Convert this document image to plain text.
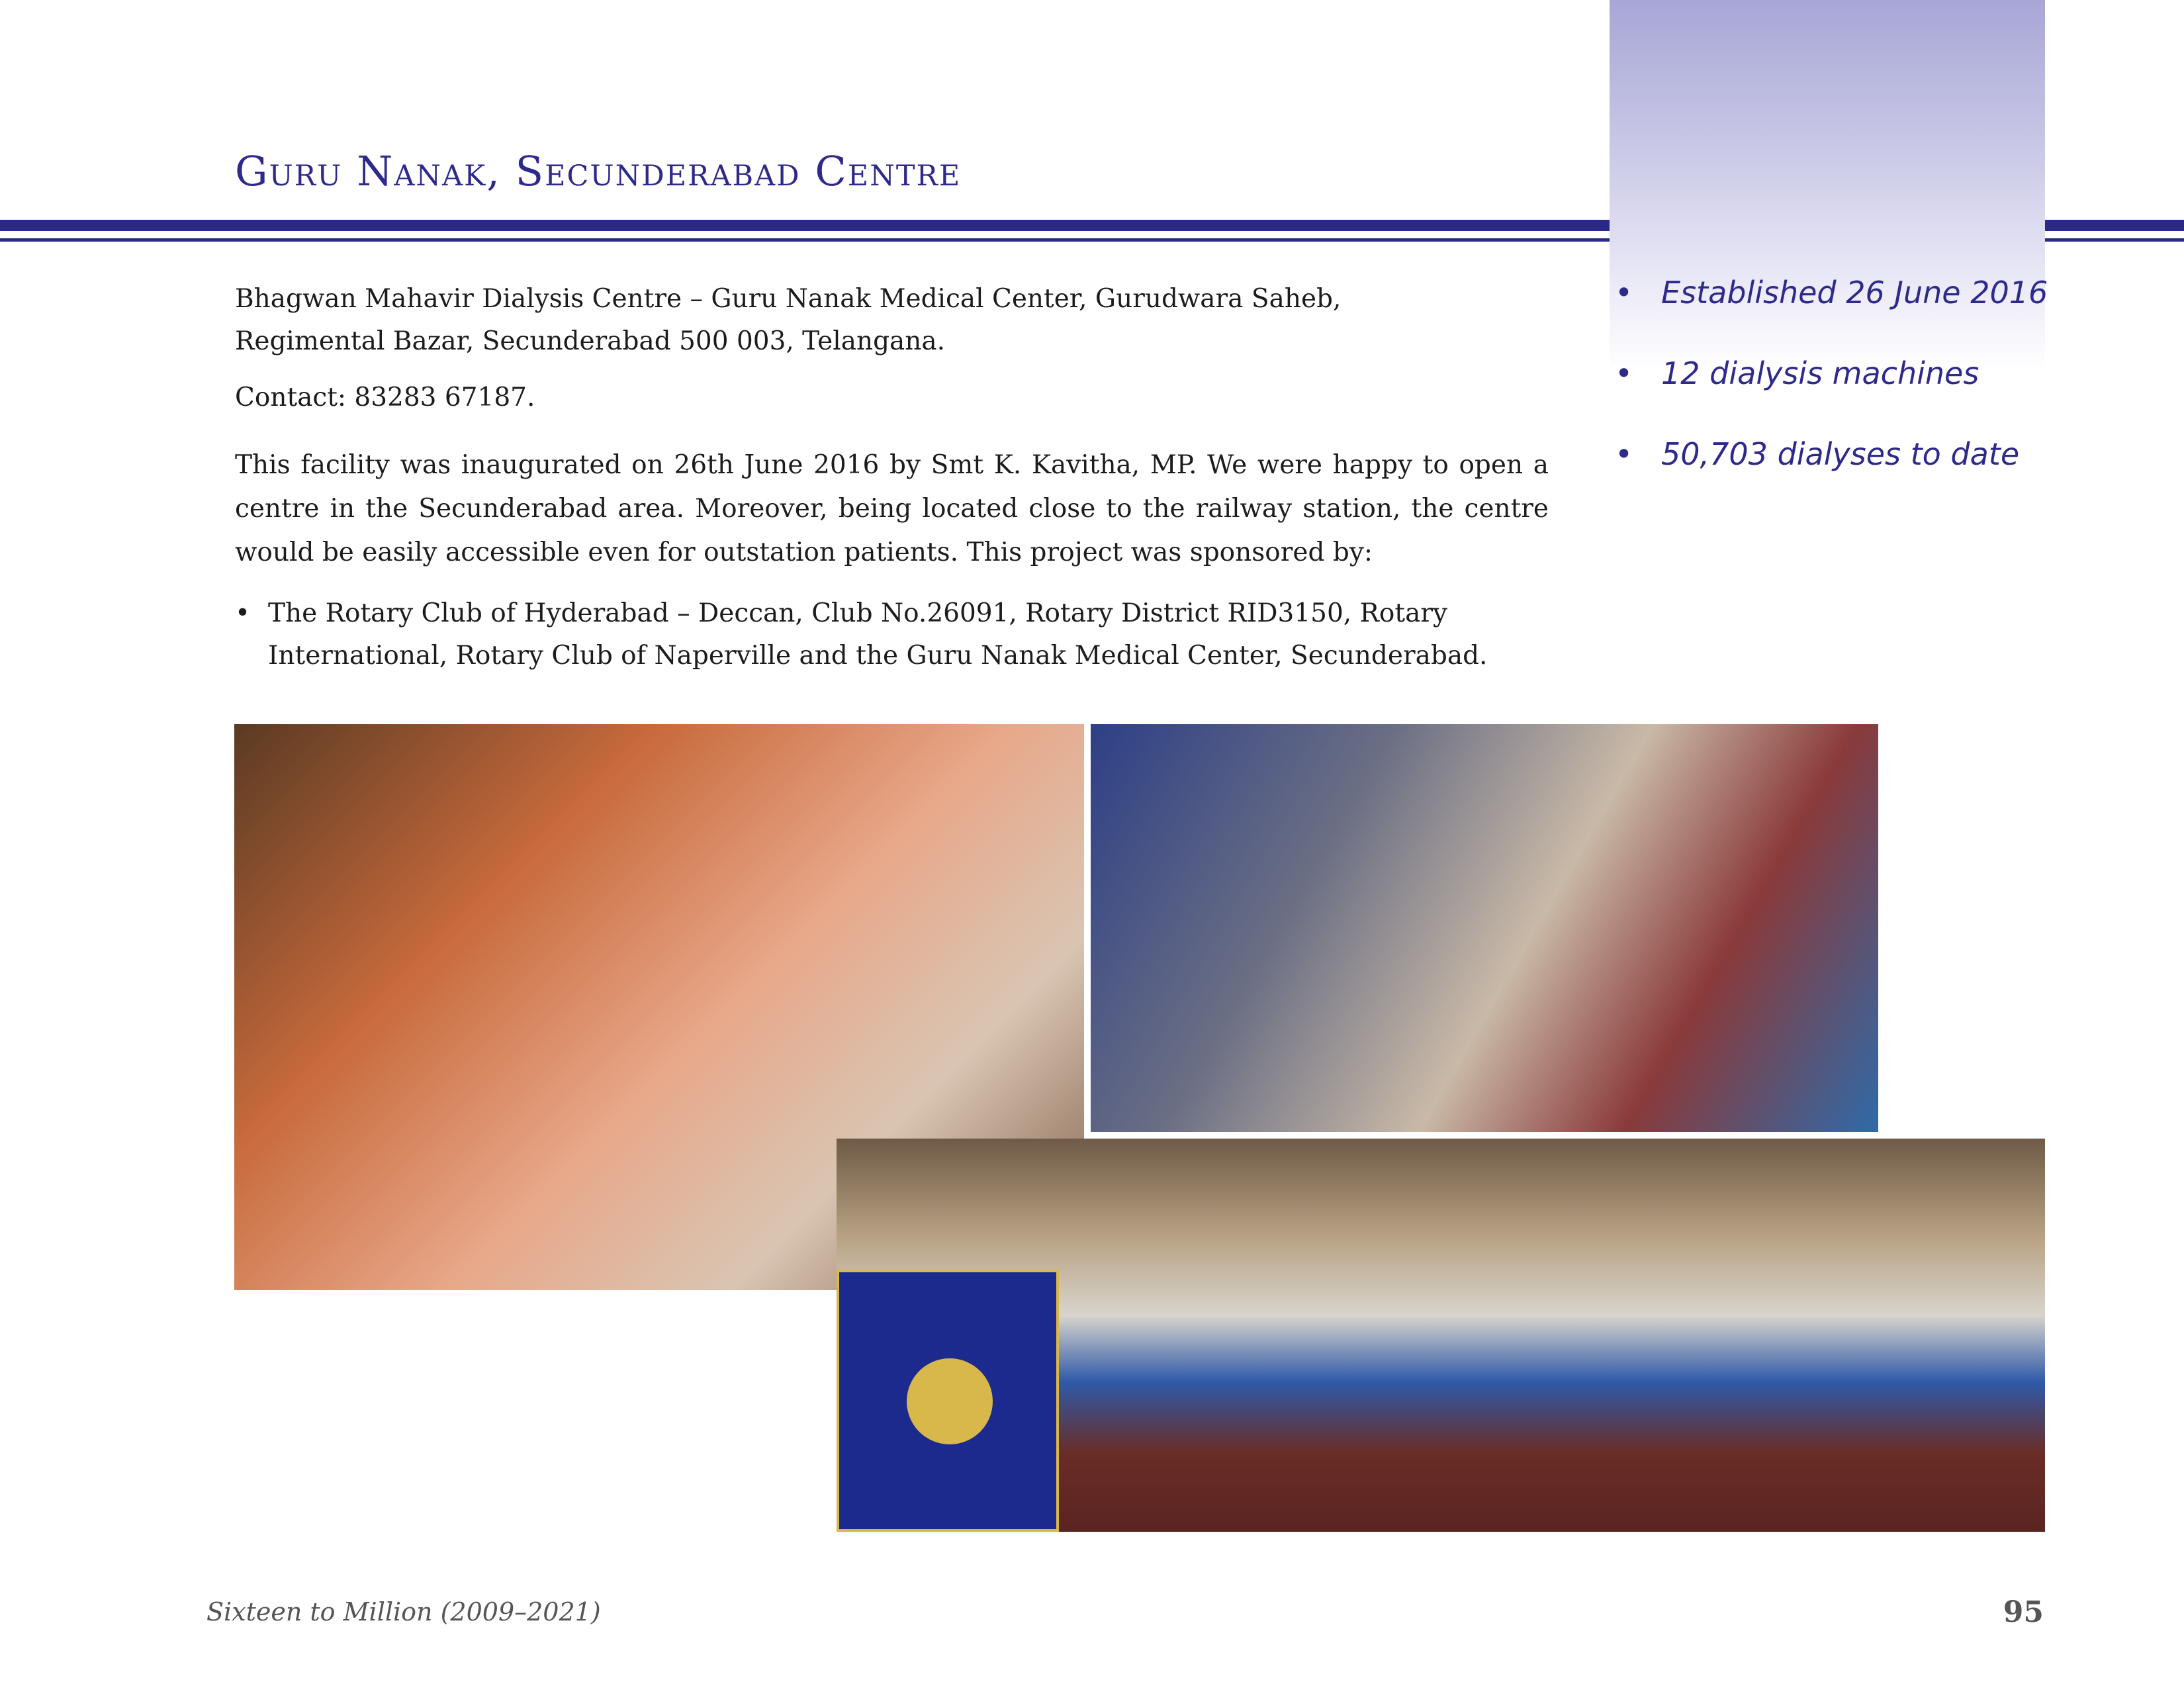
Guru Nanak, Secunderabad Centre
• Established 26 June 2016
• 12 dialysis machines
• 50,703 dialyses to date
Bhagwan Mahavir Dialysis Centre – Guru Nanak Medical Center, Gurudwara Saheb,
Regimental Bazar, Secunderabad 500 003, Telangana.
Contact: 83283 67187.
This facility was inaugurated on 26th June 2016 by Smt K. Kavitha, MP. We were happy to open a centre in the Secunderabad area. Moreover, being located close to the railway station, the centre would be easily accessible even for outstation patients. This project was sponsored by:
• The Rotary Club of Hyderabad – Deccan, Club No.26091, Rotary District RID3150, Rotary
International, Rotary Club of Naperville and the Guru Nanak Medical Center, Secunderabad.
Sixteen to Million (2009–2021)	95
